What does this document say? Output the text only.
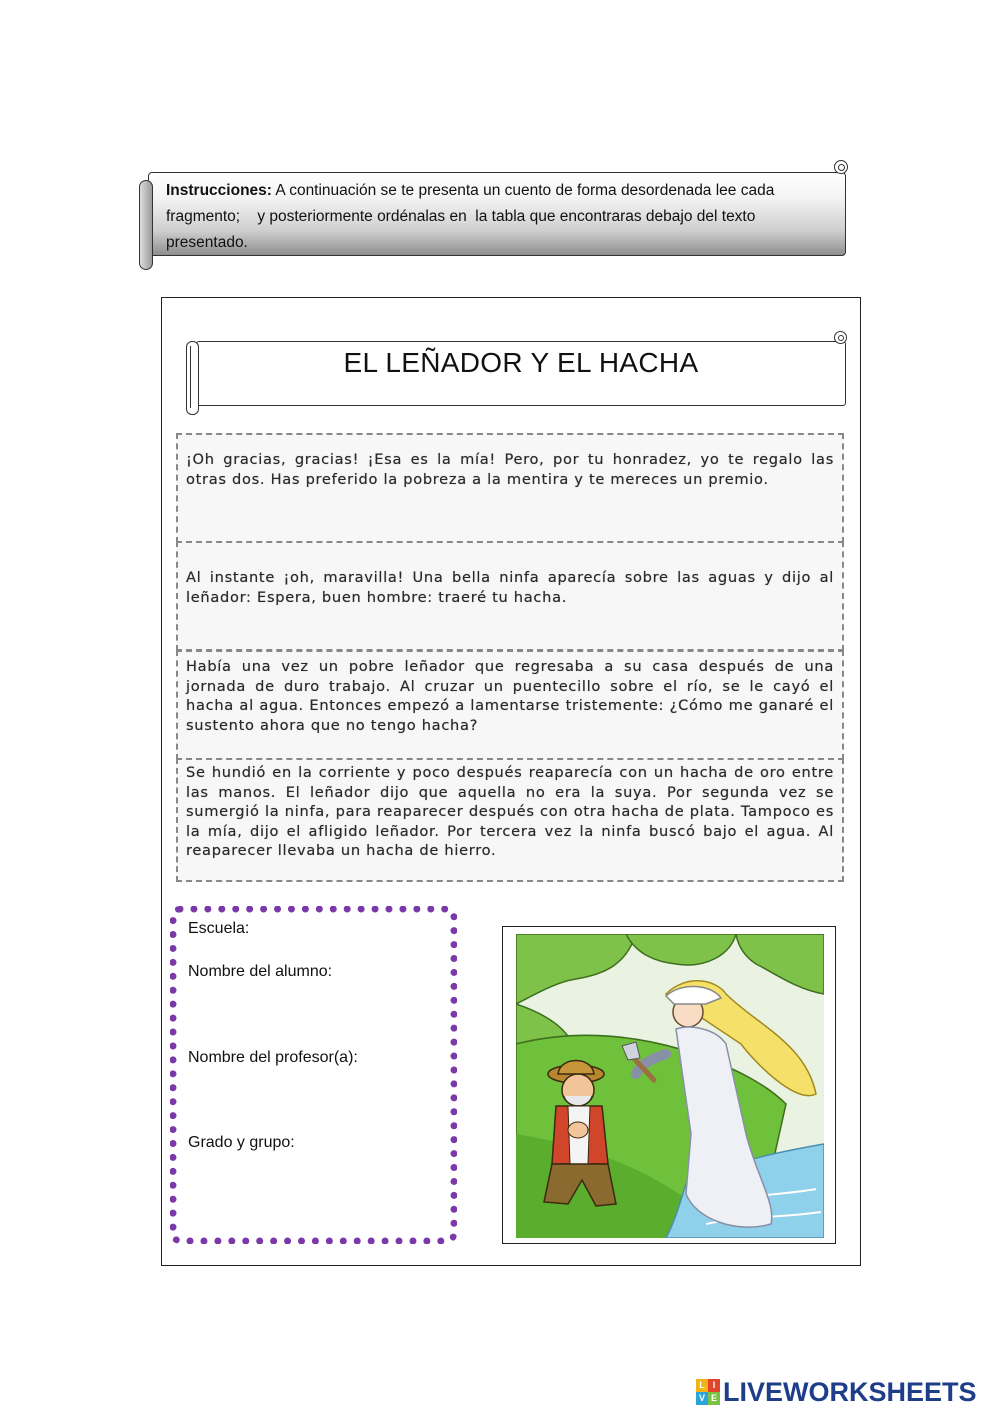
Instrucciones: A continuación se te presenta un cuento de forma desordenada lee cada
fragmento;    y posteriormente ordénalas en  la tabla que encontraras debajo del texto
presentado.
EL LEÑADOR Y EL HACHA
¡Oh gracias, gracias! ¡Esa es la mía! Pero, por tu honradez, yo te regalo las otras dos. Has preferido la pobreza a la mentira y te mereces un premio.
Al instante ¡oh, maravilla! Una bella ninfa aparecía sobre las aguas y dijo al leñador: Espera, buen hombre: traeré tu hacha.
Había una vez un pobre leñador que regresaba a su casa después de una jornada de duro trabajo. Al cruzar un puentecillo sobre el río, se le cayó el hacha al agua. Entonces empezó a lamentarse tristemente: ¿Cómo me ganaré el sustento ahora que no tengo hacha?
Se hundió en la corriente y poco después reaparecía con un hacha de oro entre las manos. El leñador dijo que aquella no era la suya. Por segunda vez se sumergió la ninfa, para reaparecer después con otra hacha de plata. Tampoco es la mía, dijo el afligido leñador. Por tercera vez la ninfa buscó bajo el agua. Al reaparecer llevaba un hacha de hierro.
Escuela:
Nombre del alumno:
Nombre del profesor(a):
Grado y grupo:
L I
V E LIVEWORKSHEETS
